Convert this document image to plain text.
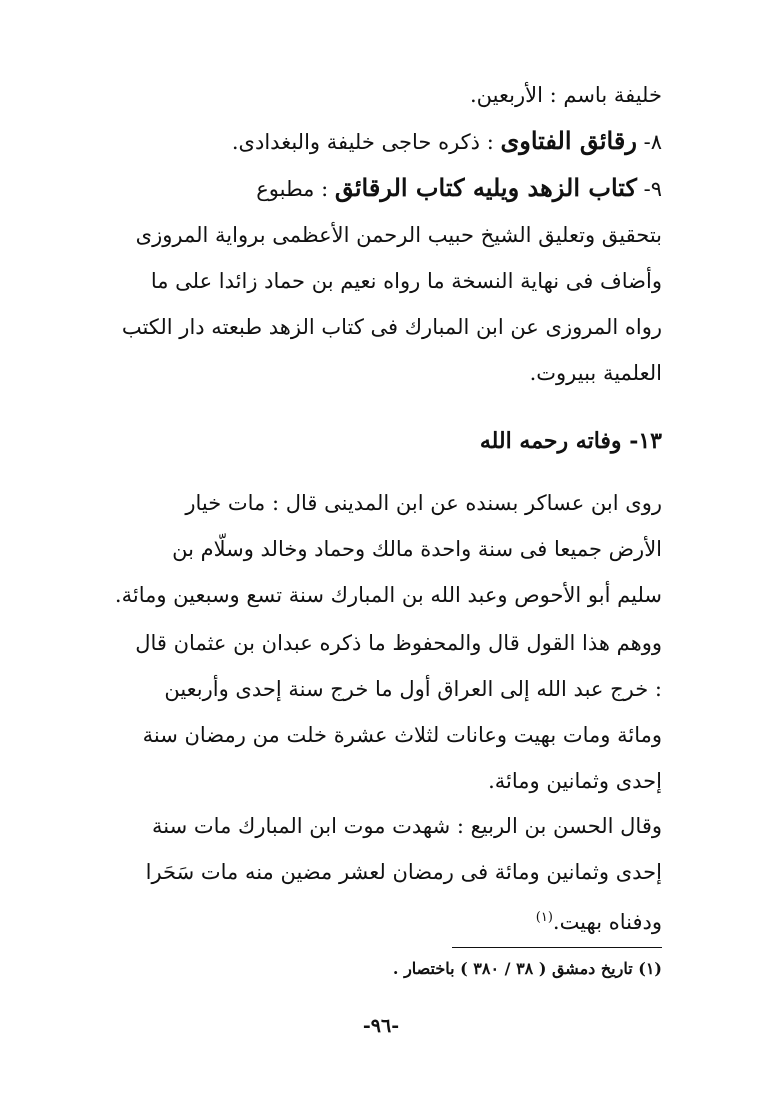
خليفة باسم : الأربعين.
٨- رقائق الفتاوى : ذكره حاجى خليفة والبغدادى.
٩- كتاب الزهد ويليه كتاب الرقائق : مطبوع
بتحقيق وتعليق الشيخ حبيب الرحمن الأعظمى برواية المروزى
وأضاف فى نهاية النسخة ما رواه نعيم بن حماد زائدا على ما
رواه المروزى عن ابن المبارك فى كتاب الزهد طبعته دار الكتب
العلمية ببيروت.
١٣- وفاته رحمه الله
روى ابن عساكر بسنده عن ابن المدينى قال : مات خيار
الأرض جميعا فى سنة واحدة مالك وحماد وخالد وسلّام بن
سليم أبو الأحوص وعبد الله بن المبارك سنة تسع وسبعين ومائة.
ووهم هذا القول قال والمحفوظ ما ذكره عبدان بن عثمان قال
: خرج عبد الله إلى العراق أول ما خرج سنة إحدى وأربعين
ومائة ومات بهيت وعانات لثلاث عشرة خلت من رمضان سنة
إحدى وثمانين ومائة.
وقال الحسن بن الربيع : شهدت موت ابن المبارك مات سنة
إحدى وثمانين ومائة فى رمضان لعشر مضين منه مات سَحَرا
ودفناه بهيت.$^{(١)}$
(١) تاريخ دمشق ( ٣٨ / ٣٨٠ ) باختصار .
-٩٦-
